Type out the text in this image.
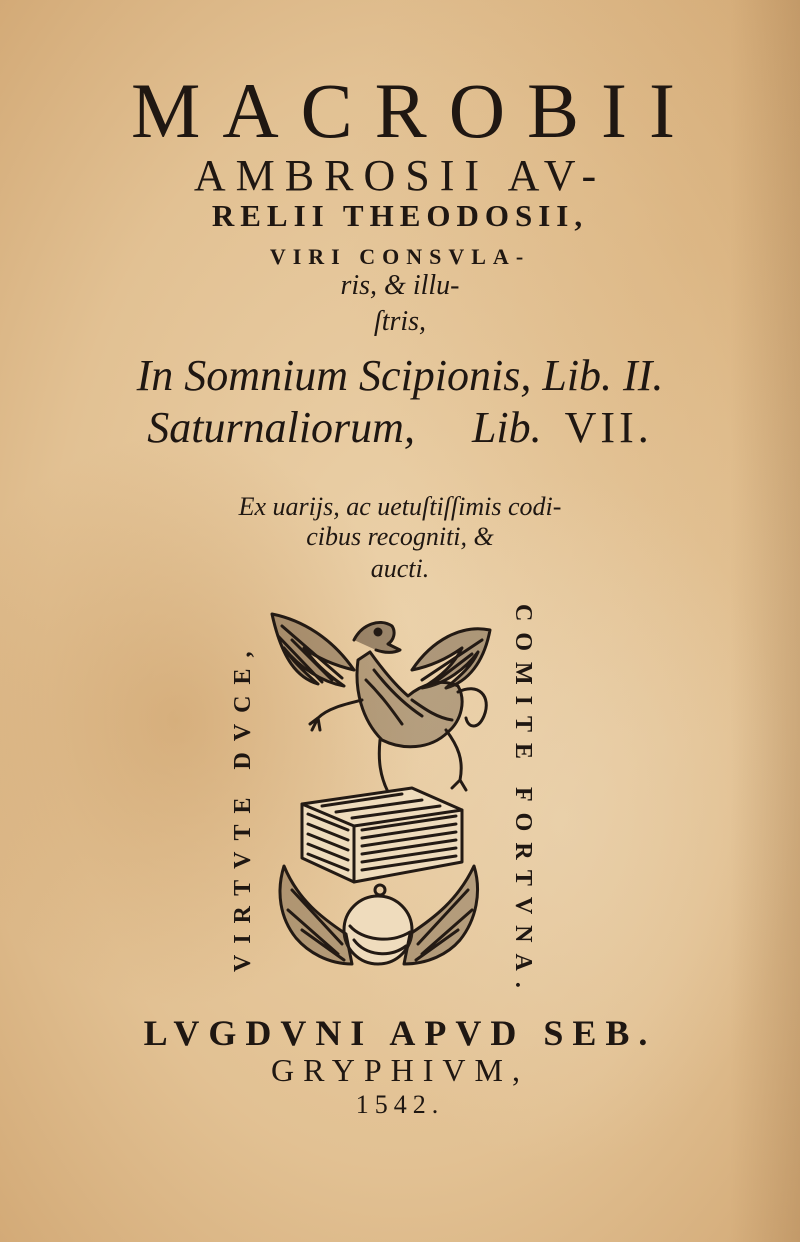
MACROBII
AMBROSII AV-
RELII THEODOSII,
VIRI CONSVLA-
ris, & illu-
ſtris,
In Somnium Scipionis, Lib. II.
Saturnaliorum, Lib. VII.
Ex uarijs, ac uetuſtiſſimis codi-
cibus recogniti, &
aucti.
VIRTVTE DVCE,	COMITE FORTVNA.
LVGDVNI APVD SEB.
GRYPHIVM,
1542.
